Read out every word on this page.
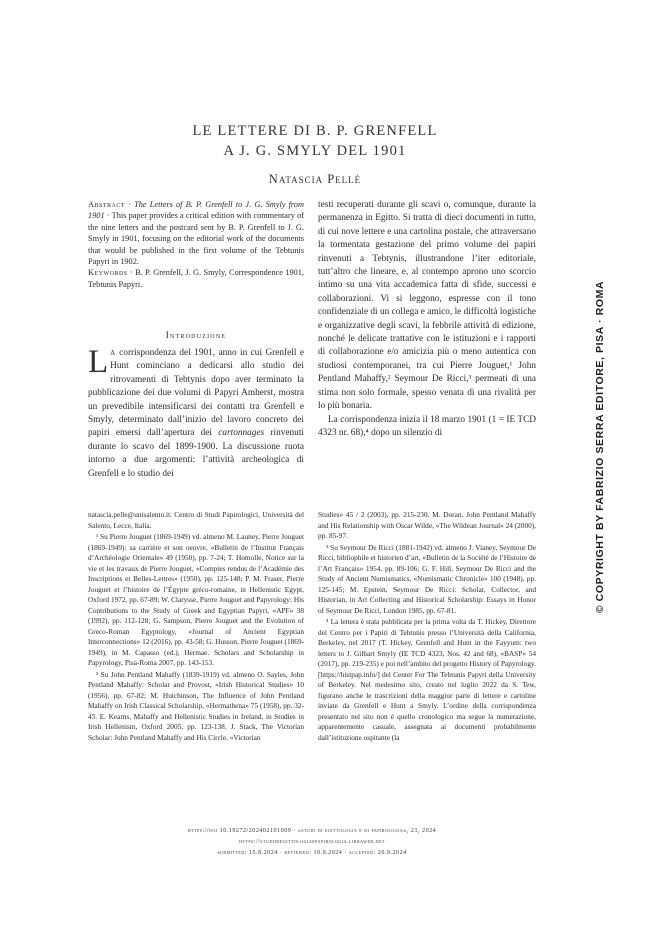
LE LETTERE DI B. P. GRENFELL
A J. G. SMYLY DEL 1901
Natascia Pellé

Abstract · The Letters of B. P. Grenfell to J. G. Smyly from 1901 · This paper provides a critical edition with commentary of the nine letters and the postcard sent by B. P. Grenfell to J. G. Smyly in 1901, focusing on the editorial work of the documents that would be published in the first volume of the Tebtunis Papyri in 1902.

Keywords · B. P. Grenfell, J. G. Smyly, Correspondence 1901, Tebtunis Papyri.

Introduzione

La corrispondenza del 1901, anno in cui Grenfell e Hunt cominciano a dedicarsi allo studio dei ritrovamenti di Tebtynis dopo aver terminato la pubblicazione dei due volumi di Papyri Amherst, mostra un prevedibile intensificarsi dei contatti tra Grenfell e Smyly, determinato dall’inizio del lavoro concreto dei papiri emersi dall’apertura dei cartonnages rinvenuti durante lo scavo del 1899-1900. La discussione ruota intorno a due argomenti: l’attività archeologica di Grenfell e lo studio dei

testi recuperati durante gli scavi o, comunque, durante la permanenza in Egitto. Si tratta di dieci documenti in tutto, di cui nove lettere e una cartolina postale, che attraversano la tormentata gestazione del primo volume dei papiri rinvenuti a Tebtynis, illustrandone l’iter editoriale, tutt’altro che lineare, e, al contempo aprono uno scorcio intimo su una vita accademica fatta di sfide, successi e collaborazioni. Vi si leggono, espresse con il tono confidenziale di un collega e amico, le difficoltà logistiche e organizzative degli scavi, la febbrile attività di edizione, nonché le delicate trattative con le istituzioni e i rapporti di collaborazione e/o amicizia più o meno autentica con studiosi contemporanei, tra cui Pierre Jouguet,¹ John Pentland Mahaffy,² Seymour De Ricci,³ permeati di una stima non solo formale, spesso venata di una rivalità per lo più bonaria.

La corrispondenza inizia il 18 marzo 1901 (1 = IE TCD 4323 nr. 68),⁴ dopo un silenzio di

natascia.pelle@unisalento.it. Centro di Studi Papirologici, Università del Salento, Lecce, Italia.

¹ Su Pierre Jouguet (1869-1949) vd. almeno M. Launey, Pierre Jouguet (1869-1949): sa carrière et son oeuvre, «Bulletin de l’Institut Français d’Archéologie Orientale» 49 (1950), pp. 7-24; T. Homolle, Notice sur la vie et les travaux de Pierre Jouguet, «Comptes rendus de l’Académie des Inscriptions et Belles-Lettres» (1950), pp. 125-148; P. M. Fraser, Pierre Jouguet et l’histoire de l’Égypte gréco-romaine, in Hellenistic Egypt, Oxford 1972, pp. 67-89; W. Clarysse, Pierre Jouguet and Papyrology: His Contributions to the Study of Greek and Egyptian Papyri, «APF» 38 (1992), pp. 112-128; G. Sampson, Pierre Jouguet and the Evolution of Greco-Roman Egyptology, «Journal of Ancient Egyptian Interconnections» 12 (2016), pp. 43-58; G. Husson, Pierre Jouguet (1869-1949), in M. Capasso (ed.), Hermae. Scholars and Scholarship in Papyrology, Pisa-Roma 2007, pp. 143-153.

² Su John Pentland Mahaffy (1839-1919) vd. almeno O. Sayles, John Pentland Mahaffy: Scholar and Provost, «Irish Historical Studies» 10 (1956), pp. 67-82; M. Hutchinson, The Influence of John Pentland Mahaffy on Irish Classical Scholarship, «Hermathena» 75 (1958), pp. 32-45. E. Kearns, Mahaffy and Hellenistic Studies in Ireland, in Studies in Irish Hellenism, Oxford 2005, pp. 123-138. J. Stack, The Victorian Scholar: John Pentland Mahaffy and His Circle, «Victorian

Studies» 45 / 2 (2003), pp. 215-230. M. Doran, John Pentland Mahaffy and His Relationship with Oscar Wilde, «The Wildean Journal» 24 (2000), pp. 85-97.

³ Su Seymour De Ricci (1881-1942) vd. almeno J. Vianey, Seymour De Ricci, bibliophile et historien d’art, «Bulletin de la Société de l’Histoire de l’Art Français» 1954, pp. 89-106; G. F. Hill, Seymour De Ricci and the Study of Ancient Numismatics, «Numismatic Chronicle» 100 (1948), pp. 125-145; M. Epstein, Seymour De Ricci: Scholar, Collector, and Historian, in Art Collecting and Historical Scholarship: Essays in Honor of Seymour De Ricci, London 1985, pp. 67-81.

⁴ La lettera è stata pubblicata per la prima volta da T. Hickey, Direttore del Centro per i Papiri di Tebtunis presso l’Università della California, Berkeley, nel 2017 (T. Hickey, Grenfell and Hunt in the Fayyum: two letters to J. Gilbart Smyly (IE TCD 4323, Nos. 42 and 68), «BASP» 54 (2017), pp. 219-235) e poi nell’ambito del progetto History of Papyrology. [https://histpap.info/] del Center For The Tebtunis Papyri della University of Berkeley. Nel medesimo sito, creato nel luglio 2022 da S. Tew, figurano anche le trascrizioni della maggior parte di lettere e cartoline inviate da Grenfell e Hunt a Smyly. L’ordine della corrispondenza presentato nel sito non è quello cronologico ma segue la numerazione, apparentemente casuale, assegnata ai documenti probabilmente dall’istituzione ospitante (la

https://doi 10.19272/202402101009 · «studi di egittologia e di papirologia», 21, 2024
https://studidiegittologiaepapirologia.libraweb.net
submitted: 15.8.2024 · reviewed: 10.9.2024 · accepted: 20.9.2024
© COPYRIGHT BY FABRIZIO SERRA EDITORE, PISA · ROMA
